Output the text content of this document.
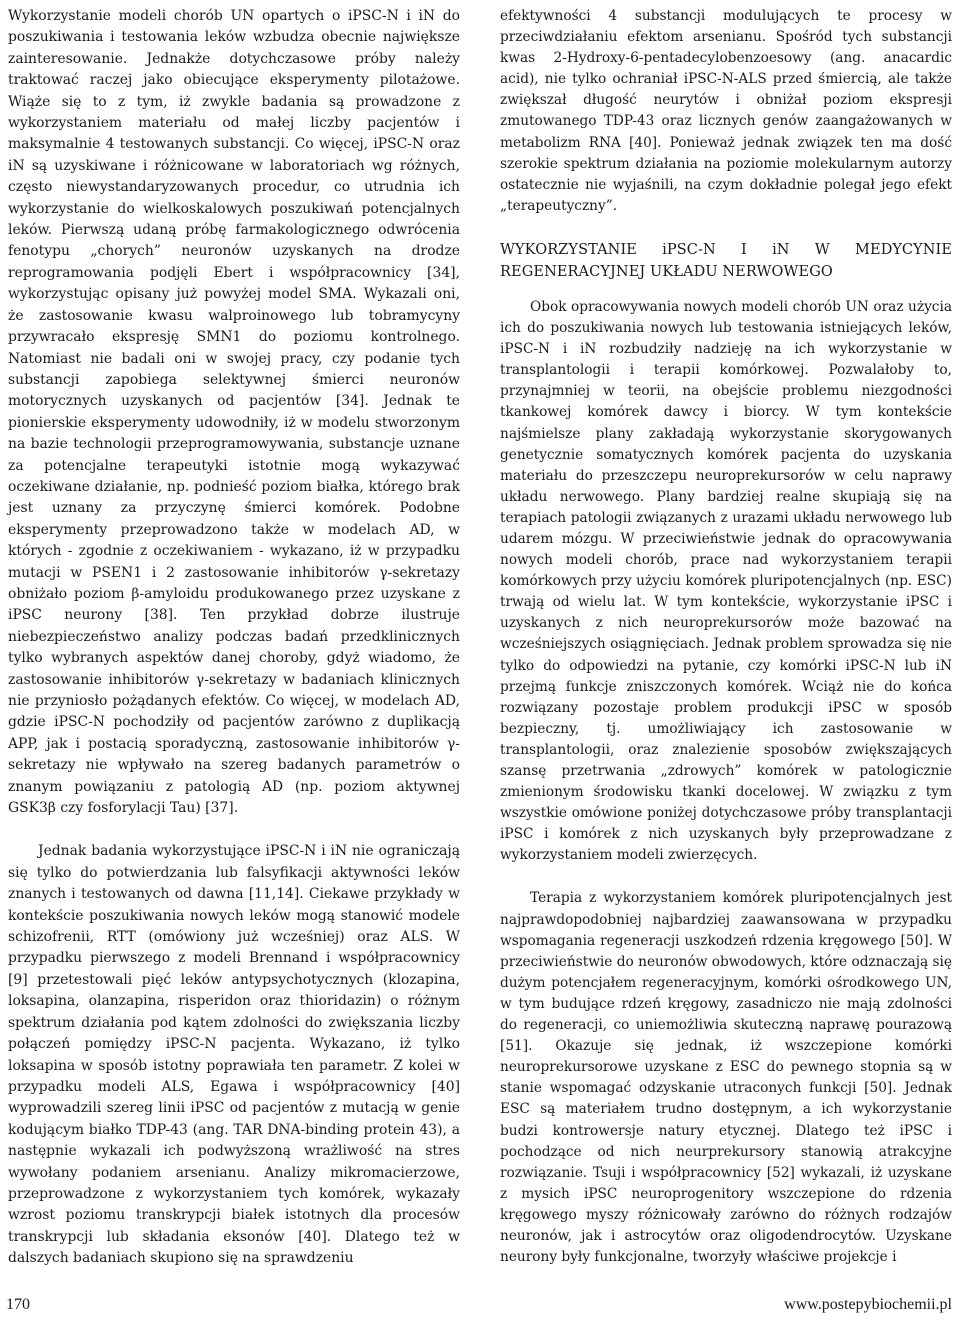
Wykorzystanie modeli chorób UN opartych o iPSC-N i iN do poszukiwania i testowania leków wzbudza obecnie największe zainteresowanie. Jednakże dotychczasowe próby należy traktować raczej jako obiecujące eksperymenty pilotażowe. Wiąże się to z tym, iż zwykle badania są prowadzone z wykorzystaniem materiału od małej liczby pacjentów i maksymalnie 4 testowanych substancji. Co więcej, iPSC-N oraz iN są uzyskiwane i różnicowane w laboratoriach wg różnych, często niewystandaryzowanych procedur, co utrudnia ich wykorzystanie do wielkoskalowych poszukiwań potencjalnych leków. Pierwszą udaną próbę farmakologicznego odwrócenia fenotypu „chorych” neuronów uzyskanych na drodze reprogramowania podjęli Ebert i współpracownicy [34], wykorzystując opisany już powyżej model SMA. Wykazali oni, że zastosowanie kwasu walproinowego lub tobramycyny przywracało ekspresję SMN1 do poziomu kontrolnego. Natomiast nie badali oni w swojej pracy, czy podanie tych substancji zapobiega selektywnej śmierci neuronów motorycznych uzyskanych od pacjentów [34]. Jednak te pionierskie eksperymenty udowodniły, iż w modelu stworzonym na bazie technologii przeprogramowywania, substancje uznane za potencjalne terapeutyki istotnie mogą wykazywać oczekiwane działanie, np. podnieść poziom białka, którego brak jest uznany za przyczynę śmierci komórek. Podobne eksperymenty przeprowadzono także w modelach AD, w których - zgodnie z oczekiwaniem - wykazano, iż w przypadku mutacji w PSEN1 i 2 zastosowanie inhibitorów γ-sekretazy obniżało poziom β-amyloidu produkowanego przez uzyskane z iPSC neurony [38]. Ten przykład dobrze ilustruje niebezpieczeństwo analizy podczas badań przedklinicznych tylko wybranych aspektów danej choroby, gdyż wiadomo, że zastosowanie inhibitorów γ-sekretazy w badaniach klinicznych nie przyniosło pożądanych efektów. Co więcej, w modelach AD, gdzie iPSC-N pochodziły od pacjentów zarówno z duplikacją APP, jak i postacią sporadyczną, zastosowanie inhibitorów γ-sekretazy nie wpływało na szereg badanych parametrów o znanym powiązaniu z patologią AD (np. poziom aktywnej GSK3β czy fosforylacji Tau) [37].

Jednak badania wykorzystujące iPSC-N i iN nie ograniczają się tylko do potwierdzania lub falsyfikacji aktywności leków znanych i testowanych od dawna [11,14]. Ciekawe przykłady w kontekście poszukiwania nowych leków mogą stanowić modele schizofrenii, RTT (omówiony już wcześniej) oraz ALS. W przypadku pierwszego z modeli Brennand i współpracownicy [9] przetestowali pięć leków antypsychotycznych (klozapina, loksapina, olanzapina, risperidon oraz thioridazin) o różnym spektrum działania pod kątem zdolności do zwiększania liczby połączeń pomiędzy iPSC-N pacjenta. Wykazano, iż tylko loksapina w sposób istotny poprawiała ten parametr. Z kolei w przypadku modeli ALS, Egawa i współpracownicy [40] wyprowadzili szereg linii iPSC od pacjentów z mutacją w genie kodującym białko TDP-43 (ang. TAR DNA-binding protein 43), a następnie wykazali ich podwyższoną wrażliwość na stres wywołany podaniem arsenianu. Analizy mikromacierzowe, przeprowadzone z wykorzystaniem tych komórek, wykazały wzrost poziomu transkrypcji białek istotnych dla procesów transkrypcji lub składania eksonów [40]. Dlatego też w dalszych badaniach skupiono się na sprawdzeniu

efektywności 4 substancji modulujących te procesy w przeciwdziałaniu efektom arsenianu. Spośród tych substancji kwas 2-Hydroxy-6-pentadecylobenzoesowy (ang. anacardic acid), nie tylko ochraniał iPSC-N-ALS przed śmiercią, ale także zwiększał długość neurytów i obniżał poziom ekspresji zmutowanego TDP-43 oraz licznych genów zaangażowanych w metabolizm RNA [40]. Ponieważ jednak związek ten ma dość szerokie spektrum działania na poziomie molekularnym autorzy ostatecznie nie wyjaśnili, na czym dokładnie polegał jego efekt „terapeutyczny”.

WYKORZYSTANIE iPSC-N I iN W MEDYCYNIE REGENERACYJNEJ UKŁADU NERWOWEGO

Obok opracowywania nowych modeli chorób UN oraz użycia ich do poszukiwania nowych lub testowania istniejących leków, iPSC-N i iN rozbudziły nadzieję na ich wykorzystanie w transplantologii i terapii komórkowej. Pozwalałoby to, przynajmniej w teorii, na obejście problemu niezgodności tkankowej komórek dawcy i biorcy. W tym kontekście najśmielsze plany zakładają wykorzystanie skorygowanych genetycznie somatycznych komórek pacjenta do uzyskania materiału do przeszczepu neuroprekursorów w celu naprawy układu nerwowego. Plany bardziej realne skupiają się na terapiach patologii związanych z urazami układu nerwowego lub udarem mózgu. W przeciwieństwie jednak do opracowywania nowych modeli chorób, prace nad wykorzystaniem terapii komórkowych przy użyciu komórek pluripotencjalnych (np. ESC) trwają od wielu lat. W tym kontekście, wykorzystanie iPSC i uzyskanych z nich neuroprekursorów może bazować na wcześniejszych osiągnięciach. Jednak problem sprowadza się nie tylko do odpowiedzi na pytanie, czy komórki iPSC-N lub iN przejmą funkcje zniszczonych komórek. Wciąż nie do końca rozwiązany pozostaje problem produkcji iPSC w sposób bezpieczny, tj. umożliwiający ich zastosowanie w transplantologii, oraz znalezienie sposobów zwiększających szansę przetrwania „zdrowych” komórek w patologicznie zmienionym środowisku tkanki docelowej. W związku z tym wszystkie omówione poniżej dotychczasowe próby transplantacji iPSC i komórek z nich uzyskanych były przeprowadzane z wykorzystaniem modeli zwierzęcych.

Terapia z wykorzystaniem komórek pluripotencjalnych jest najprawdopodobniej najbardziej zaawansowana w przypadku wspomagania regeneracji uszkodzeń rdzenia kręgowego [50]. W przeciwieństwie do neuronów obwodowych, które odznaczają się dużym potencjałem regeneracyjnym, komórki ośrodkowego UN, w tym budujące rdzeń kręgowy, zasadniczo nie mają zdolności do regeneracji, co uniemożliwia skuteczną naprawę pourazową [51]. Okazuje się jednak, iż wszczepione komórki neuroprekursorowe uzyskane z ESC do pewnego stopnia są w stanie wspomagać odzyskanie utraconych funkcji [50]. Jednak ESC są materiałem trudno dostępnym, a ich wykorzystanie budzi kontrowersje natury etycznej. Dlatego też iPSC i pochodzące od nich neurprekursory stanowią atrakcyjne rozwiązanie. Tsuji i współpracownicy [52] wykazali, iż uzyskane z mysich iPSC neuroprogenitory wszczepione do rdzenia kręgowego myszy różnicowały zarówno do różnych rodzajów neuronów, jak i astrocytów oraz oligodendrocytów. Uzyskane neurony były funkcjonalne, tworzyły właściwe projekcje i

170	www.postepybiochemii.pl
